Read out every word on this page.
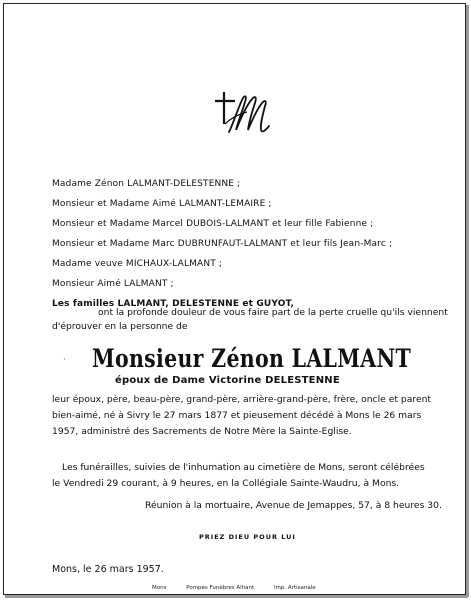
Madame Zénon LALMANT-DELESTENNE ;
Monsieur et Madame Aimé LALMANT-LEMAIRE ;
Monsieur et Madame Marcel DUBOIS-LALMANT et leur fille Fabienne ;
Monsieur et Madame Marc DUBRUNFAUT-LALMANT et leur fils Jean-Marc ;
Madame veuve MICHAUX-LALMANT ;
Monsieur Aimé LALMANT ;
Les familles LALMANT, DELESTENNE et GUYOT,
ont la profonde douleur de vous faire part de la perte cruelle qu'ils viennent
d'éprouver en la personne de
· Monsieur Zénon LALMANT
époux de Dame Victorine DELESTENNE
leur époux, père, beau-père, grand-père, arrière-grand-père, frère, oncle et parent
bien-aimé, né à Sivry le 27 mars 1877 et pieusement décédé à Mons le 26 mars
1957, administré des Sacrements de Notre Mère la Sainte-Eglise.
Les funérailles, suivies de l'inhumation au cimetière de Mons, seront célébrées
le Vendredi 29 courant, à 9 heures, en la Collégiale Sainte-Waudru, à Mons.
Réunion à la mortuaire, Avenue de Jemappes, 57, à 8 heures 30.
PRIEZ DIEU POUR LUI
Mons, le 26 mars 1957.
Mons	Pompes Funèbres Alhant	Imp. Artisanale
